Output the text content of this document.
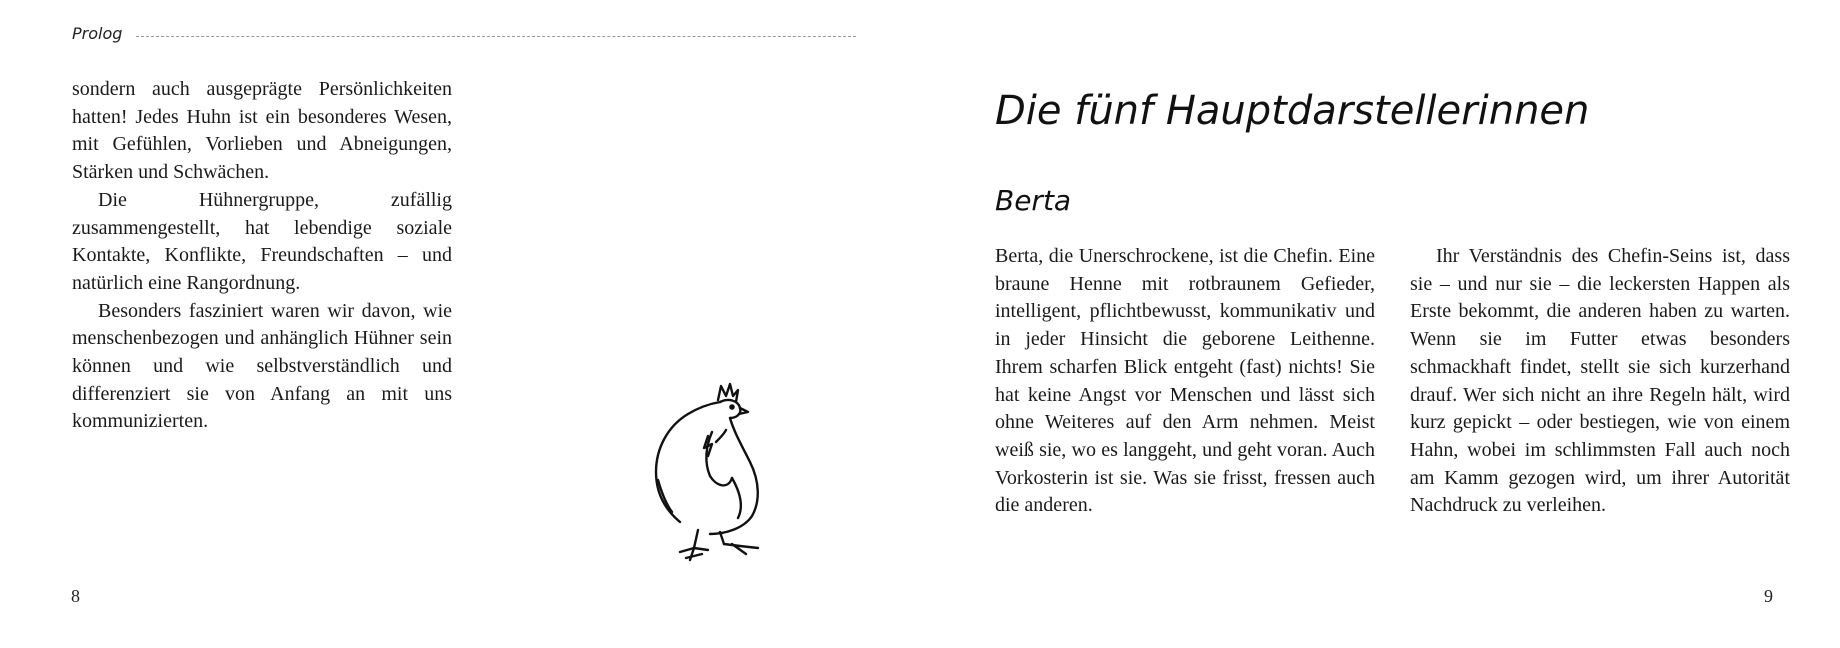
Prolog

sondern auch ausgeprägte Persönlichkeiten hatten! Jedes Huhn ist ein besonderes Wesen, mit Gefühlen, Vorlieben und Abneigungen, Stärken und Schwächen.

Die Hühnergruppe, zufällig zusammengestellt, hat lebendige soziale Kontakte, Konflikte, Freundschaften – und natürlich eine Rangordnung.

Besonders fasziniert waren wir davon, wie menschenbezogen und anhänglich Hühner sein können und wie selbstverständlich und differenziert sie von Anfang an mit uns kommunizierten.

8
Die fünf Hauptdarstellerinnen
Berta

Berta, die Unerschrockene, ist die Chefin. Eine braune Henne mit rotbraunem Gefieder, intelligent, pflichtbewusst, kommunikativ und in jeder Hinsicht die geborene Leithenne. Ihrem scharfen Blick entgeht (fast) nichts! Sie hat keine Angst vor Menschen und lässt sich ohne Weiteres auf den Arm nehmen. Meist weiß sie, wo es langgeht, und geht voran. Auch Vorkosterin ist sie. Was sie frisst, fressen auch die anderen.

Ihr Verständnis des Chefin-Seins ist, dass sie – und nur sie – die leckersten Happen als Erste bekommt, die anderen haben zu warten. Wenn sie im Futter etwas besonders schmackhaft findet, stellt sie sich kurzerhand drauf. Wer sich nicht an ihre Regeln hält, wird kurz gepickt – oder bestiegen, wie von einem Hahn, wobei im schlimmsten Fall auch noch am Kamm gezogen wird, um ihrer Autorität Nachdruck zu verleihen.

9
